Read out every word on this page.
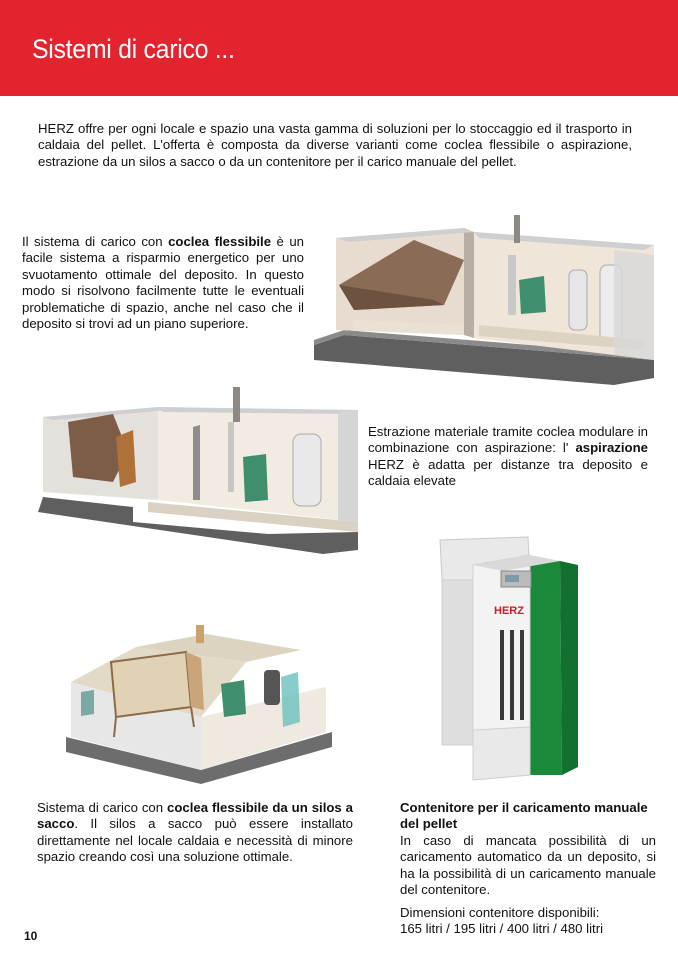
Sistemi di carico ...
HERZ offre per ogni locale e spazio una vasta gamma di soluzioni per lo stoccaggio ed il trasporto in caldaia del pellet. L'offerta è composta da diverse varianti come coclea flessibile o aspirazione, estrazione da un silos a sacco o da un contenitore per il carico manuale del pellet.
Il sistema di carico con coclea flessibile è un facile sistema a risparmio energetico per uno svuotamento ottimale del deposito. In questo modo si risolvono facilmente tutte le eventuali problematiche di spazio, anche nel caso che il deposito si trovi ad un piano superiore.
Estrazione materiale tramite coclea modulare in combinazione con aspirazione: l' aspirazione HERZ è adatta per distanze tra deposito e caldaia elevate
Sistema di carico con coclea flessibile da un silos a sacco. Il silos a sacco può essere installato direttamente nel locale caldaia e necessità di minore spazio creando così una soluzione ottimale.
HERZ
Contenitore per il caricamento manuale del pellet
In caso di mancata possibilità di un caricamento automatico da un deposito, si ha la possibilità di un caricamento manuale del contenitore.
Dimensioni contenitore disponibili:
165 litri / 195 litri / 400 litri / 480 litri
10
